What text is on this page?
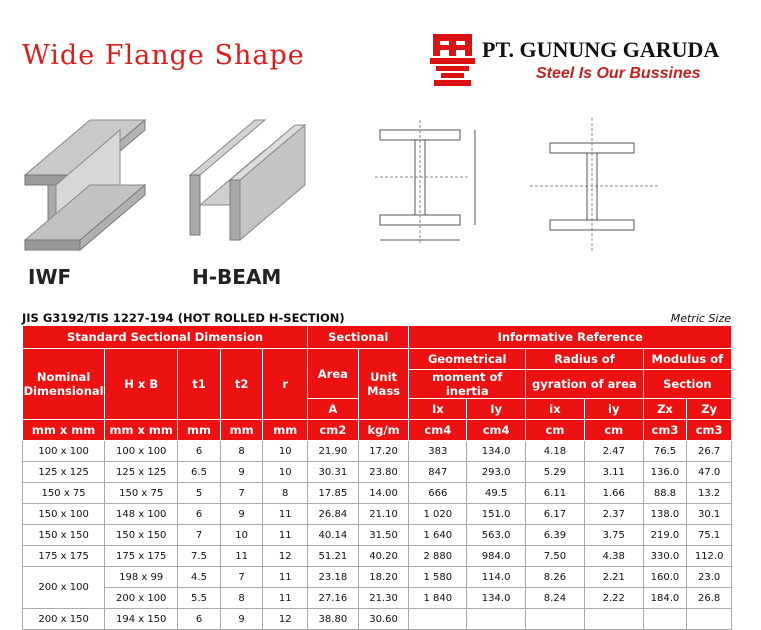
Wide Flange Shape	PT. GUNUNG GARUDA
Steel Is Our Bussines
IWF	H-BEAM
JIS G3192/TIS 1227-194 (HOT ROLLED H-SECTION)	Metric Size
Standard Sectional Dimension					Sectional		Informative Reference					
Nominal Dimensional	H x B	t1	t2	r	Area	Unit Mass	Geometrical		Radius of		Modulus of	
							moment of inertia		gyration of area		Section	
					A		Ix	Iy	ix	iy	Zx	Zy
mm x mm	mm x mm	mm	mm	mm	cm2	kg/m	cm4	cm4	cm	cm	cm3	cm3
100 x 100	100 x 100	6	8	10	21.90	17.20	383	134.0	4.18	2.47	76.5	26.7
125 x 125	125 x 125	6.5	9	10	30.31	23.80	847	293.0	5.29	3.11	136.0	47.0
150 x 75	150 x 75	5	7	8	17.85	14.00	666	49.5	6.11	1.66	88.8	13.2
150 x 100	148 x 100	6	9	11	26.84	21.10	1 020	151.0	6.17	2.37	138.0	30.1
150 x 150	150 x 150	7	10	11	40.14	31.50	1 640	563.0	6.39	3.75	219.0	75.1
175 x 175	175 x 175	7.5	11	12	51.21	40.20	2 880	984.0	7.50	4.38	330.0	112.0
200 x 100	198 x 99	4.5	7	11	23.18	18.20	1 580	114.0	8.26	2.21	160.0	23.0
	200 x 100	5.5	8	11	27.16	21.30	1 840	134.0	8.24	2.22	184.0	26.8
200 x 150	194 x 150	6	9	12	38.80	30.60						
